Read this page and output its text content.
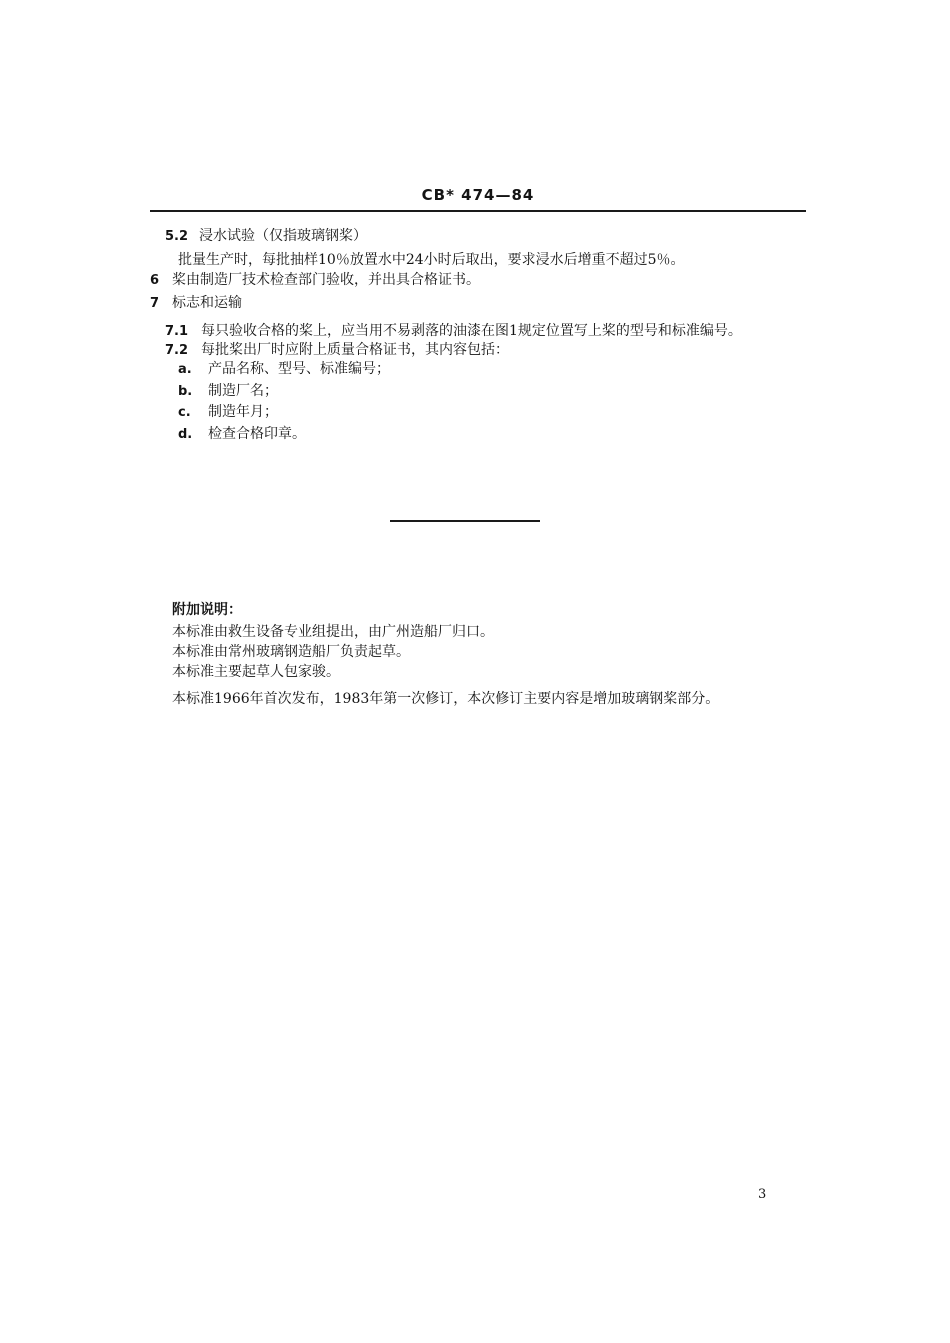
CB* 474—84
5.2 浸水试验（仅指玻璃钢桨）
批量生产时，每批抽样10％放置水中24小时后取出，要求浸水后增重不超过5％。
6 桨由制造厂技术检查部门验收，并出具合格证书。
7 标志和运输
7.1 每只验收合格的桨上，应当用不易剥落的油漆在图1规定位置写上桨的型号和标准编号。
7.2 每批桨出厂时应附上质量合格证书，其内容包括：
a. 产品名称、型号、标准编号；
b. 制造厂名；
c. 制造年月；
d. 检查合格印章。
附加说明：
本标准由救生设备专业组提出，由广州造船厂归口。
本标准由常州玻璃钢造船厂负责起草。
本标准主要起草人包家骏。
本标准1966年首次发布，1983年第一次修订，本次修订主要内容是增加玻璃钢桨部分。
3
